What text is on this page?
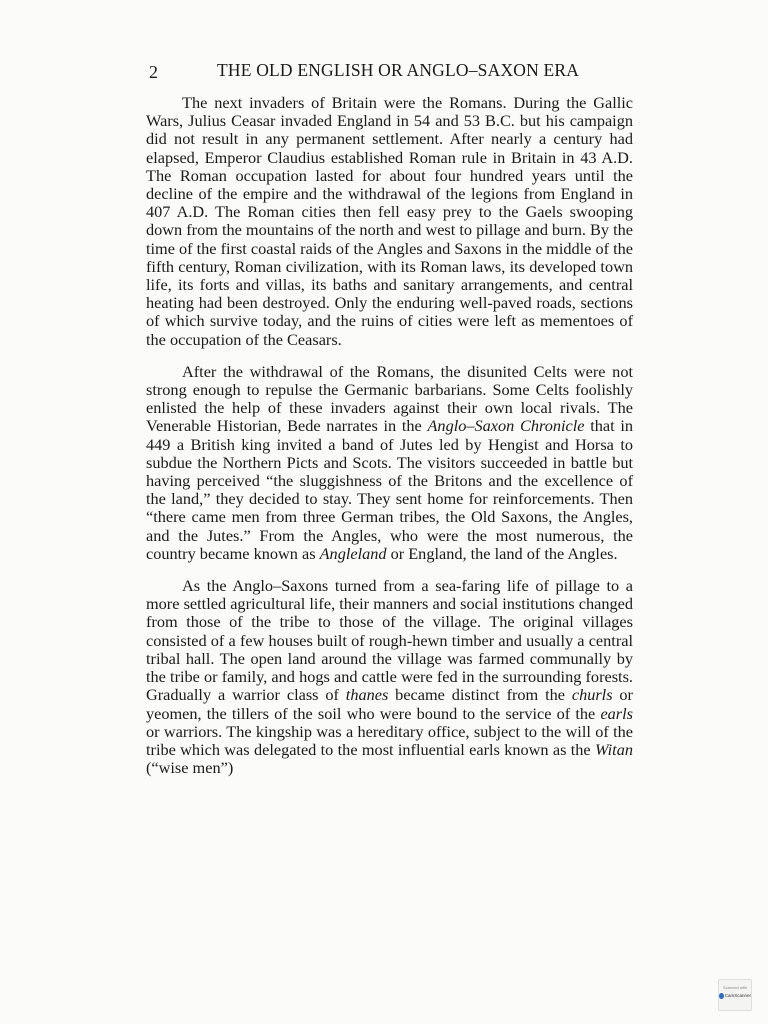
2	THE OLD ENGLISH OR ANGLO–SAXON ERA

The next invaders of Britain were the Romans. During the Gallic Wars, Julius Ceasar invaded England in 54 and 53 B.C. but his campaign did not result in any permanent settlement. After nearly a century had elapsed, Emperor Claudius established Roman rule in Britain in 43 A.D. The Roman occupation lasted for about four hundred years until the decline of the empire and the withdrawal of the legions from England in 407 A.D. The Roman cities then fell easy prey to the Gaels swooping down from the mountains of the north and west to pillage and burn. By the time of the first coastal raids of the Angles and Saxons in the middle of the fifth century, Roman civilization, with its Roman laws, its developed town life, its forts and villas, its baths and sanitary arrangements, and central heating had been destroyed. Only the enduring well-paved roads, sections of which survive today, and the ruins of cities were left as mementoes of the occupation of the Ceasars.

After the withdrawal of the Romans, the disunited Celts were not strong enough to repulse the Germanic barbarians. Some Celts foolishly enlisted the help of these invaders against their own local rivals. The Venerable Historian, Bede narrates in the Anglo–Saxon Chronicle that in 449 a British king invited a band of Jutes led by Hengist and Horsa to subdue the Northern Picts and Scots. The visitors succeeded in battle but having perceived “the sluggishness of the Britons and the excellence of the land,” they decided to stay. They sent home for reinforcements. Then “there came men from three German tribes, the Old Saxons, the Angles, and the Jutes.” From the Angles, who were the most numerous, the country became known as Angleland or England, the land of the Angles.

As the Anglo–Saxons turned from a sea-faring life of pillage to a more settled agricultural life, their manners and social institutions changed from those of the tribe to those of the village. The original villages consisted of a few houses built of rough-hewn timber and usually a central tribal hall. The open land around the village was farmed communally by the tribe or family, and hogs and cattle were fed in the surrounding forests. Gradually a warrior class of thanes became distinct from the churls or yeomen, the tillers of the soil who were bound to the service of the earls or warriors. The kingship was a hereditary office, subject to the will of the tribe which was delegated to the most influential earls known as the Witan (“wise men”)

Scanned with
CamScanner
